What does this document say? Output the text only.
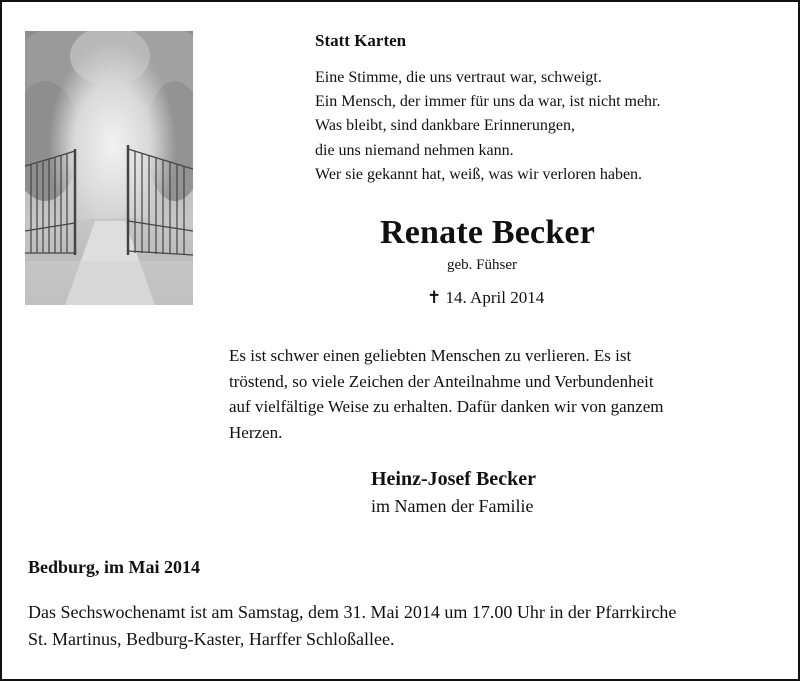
Statt Karten
Eine Stimme, die uns vertraut war, schweigt.
Ein Mensch, der immer für uns da war, ist nicht mehr.
Was bleibt, sind dankbare Erinnerungen,
die uns niemand nehmen kann.
Wer sie gekannt hat, weiß, was wir verloren haben.
Renate Becker
geb. Fühser
✝ 14. April 2014
Es ist schwer einen geliebten Menschen zu verlieren. Es ist
tröstend, so viele Zeichen der Anteilnahme und Verbundenheit
auf vielfältige Weise zu erhalten. Dafür danken wir von ganzem
Herzen.
Heinz-Josef Becker
im Namen der Familie
Bedburg, im Mai 2014
Das Sechswochenamt ist am Samstag, dem 31. Mai 2014 um 17.00 Uhr in der Pfarrkirche
St. Martinus, Bedburg-Kaster, Harffer Schloßallee.
